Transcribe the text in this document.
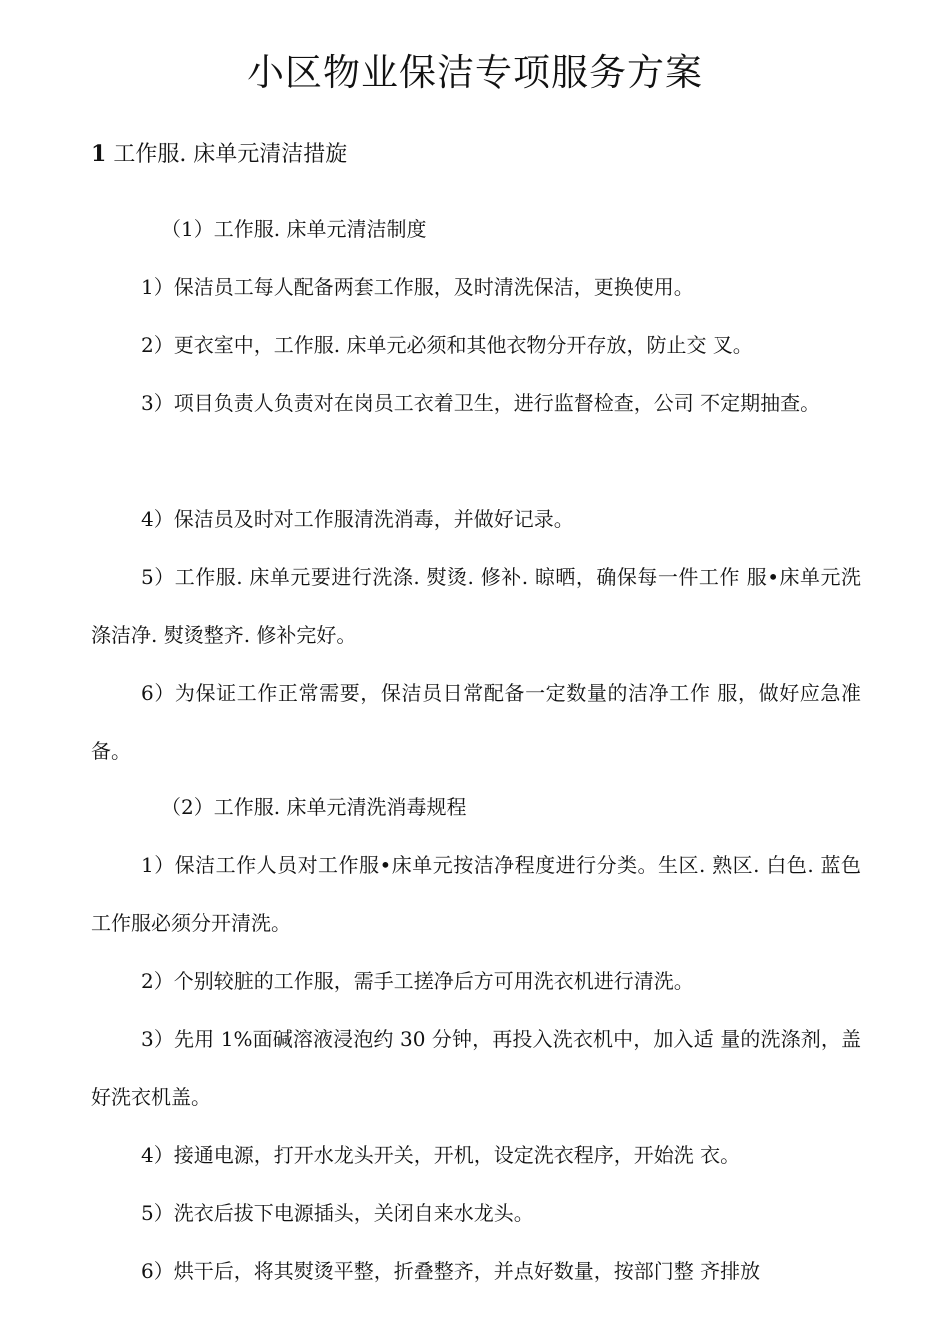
小区物业保洁专项服务方案
1 工作服. 床单元清洁措旋

（1）工作服. 床单元清洁制度

1）保洁员工每人配备两套工作服，及时清洗保洁，更换使用。

2）更衣室中，工作服. 床单元必须和其他衣物分开存放，防止交 叉。

3）项目负责人负责对在岗员工衣着卫生，进行监督检查，公司 不定期抽查。

4）保洁员及时对工作服清洗消毒，并做好记录。

5）工作服. 床单元要进行洗涤. 熨烫. 修补. 晾晒，确保每一件工作 服•床单元洗涤洁净. 熨烫整齐. 修补完好。

6）为保证工作正常需要，保洁员日常配备一定数量的洁净工作 服，做好应急准备。

（2）工作服. 床单元清洗消毒规程

1）保洁工作人员对工作服•床单元按洁净程度进行分类。生区. 熟区. 白色. 蓝色工作服必须分开清洗。

2）个别较脏的工作服，需手工搓净后方可用洗衣机进行清洗。

3）先用 1%面碱溶液浸泡约 30 分钟，再投入洗衣机中，加入适 量的洗涤剂，盖好洗衣机盖。

4）接通电源，打开水龙头开关，开机，设定洗衣程序，开始洗 衣。

5）洗衣后拔下电源插头，关闭自来水龙头。

6）烘干后，将其熨烫平整，折叠整齐，并点好数量，按部门整 齐排放
